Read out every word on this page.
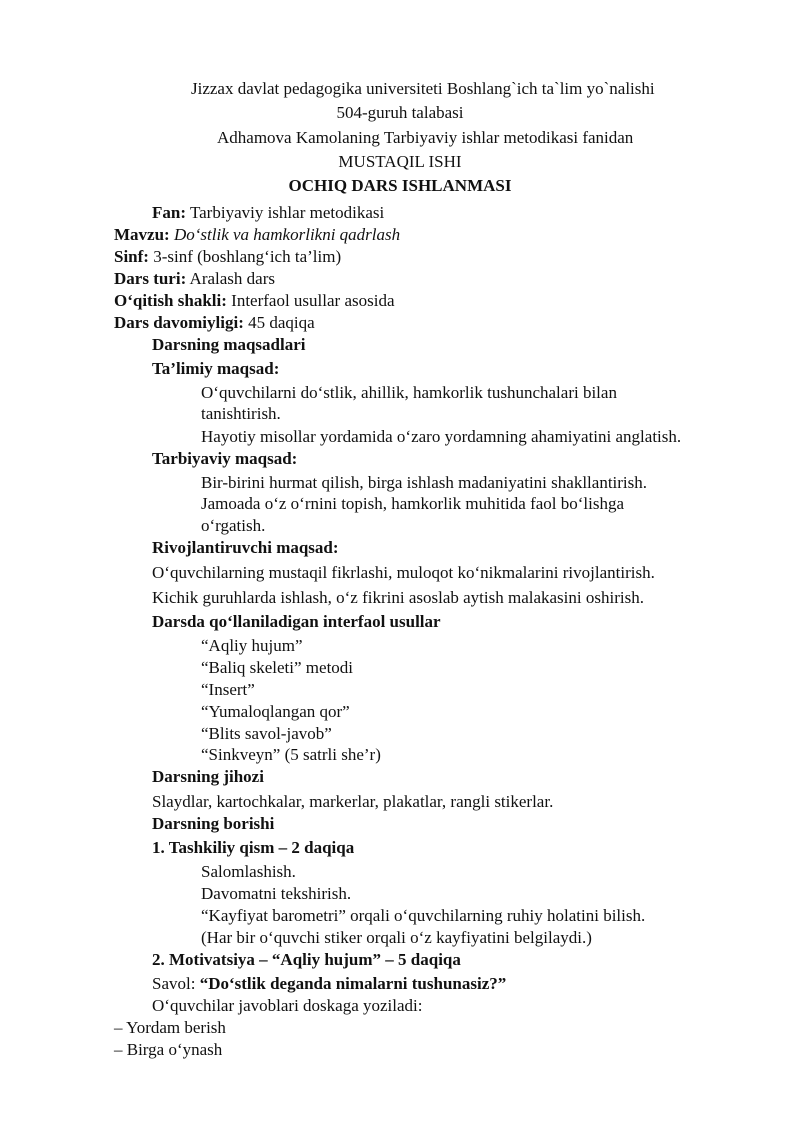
Jizzax davlat pedagogika universiteti Boshlang`ich ta`lim yo`nalishi
504-guruh talabasi
Adhamova Kamolaning Tarbiyaviy ishlar metodikasi fanidan
MUSTAQIL ISHI
OCHIQ DARS ISHLANMASI
Fan: Tarbiyaviy ishlar metodikasi
Mavzu: Do‘stlik va hamkorlikni qadrlash
Sinf: 3-sinf (boshlang‘ich ta’lim)
Dars turi: Aralash dars
O‘qitish shakli: Interfaol usullar asosida
Dars davomiyligi: 45 daqiqa
Darsning maqsadlari
Ta’limiy maqsad:
O‘quvchilarni do‘stlik, ahillik, hamkorlik tushunchalari bilan
tanishtirish.
Hayotiy misollar yordamida o‘zaro yordamning ahamiyatini anglatish.
Tarbiyaviy maqsad:
Bir-birini hurmat qilish, birga ishlash madaniyatini shakllantirish.
Jamoada o‘z o‘rnini topish, hamkorlik muhitida faol bo‘lishga
o‘rgatish.
Rivojlantiruvchi maqsad:
O‘quvchilarning mustaqil fikrlashi, muloqot ko‘nikmalarini rivojlantirish.
Kichik guruhlarda ishlash, o‘z fikrini asoslab aytish malakasini oshirish.
Darsda qo‘llaniladigan interfaol usullar
“Aqliy hujum”
“Baliq skeleti” metodi
“Insert”
“Yumaloqlangan qor”
“Blits savol-javob”
“Sinkveyn” (5 satrli she’r)
Darsning jihozi
Slaydlar, kartochkalar, markerlar, plakatlar, rangli stikerlar.
Darsning borishi
1. Tashkiliy qism – 2 daqiqa
Salomlashish.
Davomatni tekshirish.
“Kayfiyat barometri” orqali o‘quvchilarning ruhiy holatini bilish.
(Har bir o‘quvchi stiker orqali o‘z kayfiyatini belgilaydi.)
2. Motivatsiya – “Aqliy hujum” – 5 daqiqa
Savol: “Do‘stlik deganda nimalarni tushunasiz?”
O‘quvchilar javoblari doskaga yoziladi:
– Yordam berish
– Birga o‘ynash
